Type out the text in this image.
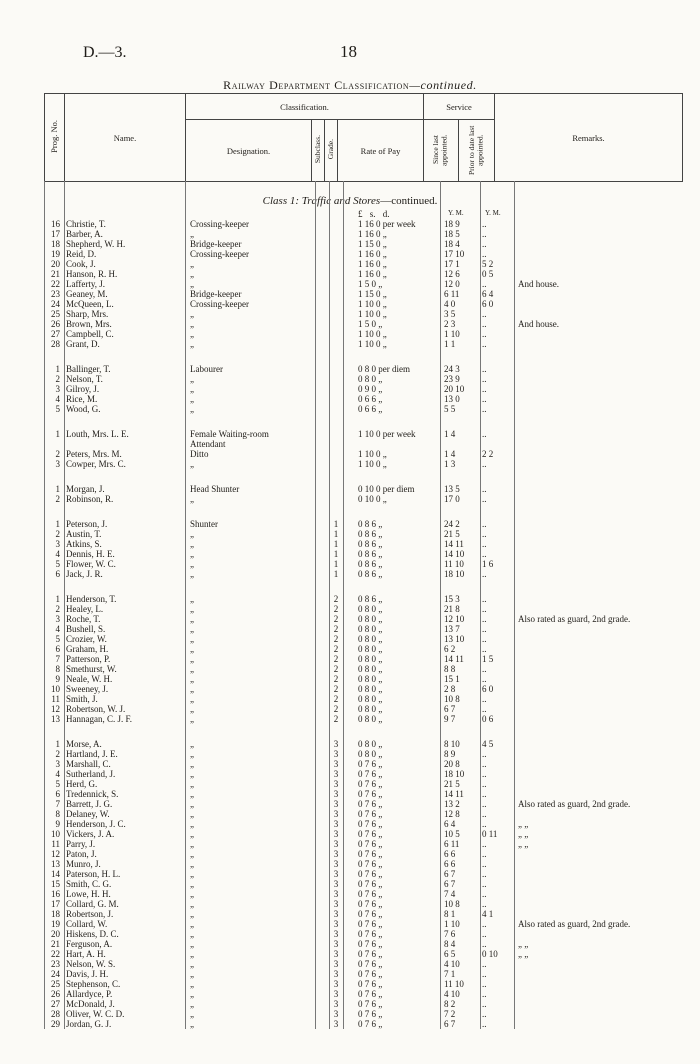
D.—3.	18
Railway Department Classification—continued.
Prog. No.	Name.	Classification.				Service		Remarks.
		Designation.	Subclass.	Grade.	Rate of Pay	Since last appointed.	Prior to date last appointed.	
Class 1: Traffic and Stores—continued.
£ s. d.	Y. M.	Y. M.
16 Christie, T.	Crossing-keeper	1 16 0 per week	18 9	..
17 Barber, A.	„	1 16 0 „	18 5	..
18 Shepherd, W. H.	Bridge-keeper	1 15 0 „	18 4	..
19 Reid, D.	Crossing-keeper	1 16 0 „	17 10	..
20 Cook, J.	„	1 16 0 „	17 1	5 2
21 Hanson, R. H.	„	1 16 0 „	12 6	0 5
22 Lafferty, J.	„	1 5 0 „	12 0	..	And house.
23 Geaney, M.	Bridge-keeper	1 15 0 „	6 11	6 4
24 McQueen, L.	Crossing-keeper	1 10 0 „	4 0	6 0
25 Sharp, Mrs.	„	1 10 0 „	3 5	..
26 Brown, Mrs.	„	1 5 0 „	2 3	..	And house.
27 Campbell, C.	„	1 10 0 „	1 10	..
28 Grant, D.	„	1 10 0 „	1 1	..
1 Ballinger, T.	Labourer	0 8 0 per diem	24 3	..
2 Nelson, T.	„	0 8 0 „	23 9	..
3 Gilroy, J.	„	0 9 0 „	20 10	..
4 Rice, M.	„	0 6 6 „	13 0	..
5 Wood, G.	„	0 6 6 „	5 5	..
1 Louth, Mrs. L. E.	Female Waiting-room	1 10 0 per week	1 4	..
Attendant
2 Peters, Mrs. M.	Ditto	1 10 0 „	1 4	2 2
3 Cowper, Mrs. C.	„	1 10 0 „	1 3	..
1 Morgan, J.	Head Shunter	0 10 0 per diem	13 5	..
2 Robinson, R.	„	0 10 0 „	17 0	..
1 Peterson, J.	Shunter	1	0 8 6 „	24 2	..
2 Austin, T.	„	1	0 8 6 „	21 5	..
3 Atkins, S.	„	1	0 8 6 „	14 11	..
4 Dennis, H. E.	„	1	0 8 6 „	14 10	..
5 Flower, W. C.	„	1	0 8 6 „	11 10	1 6
6 Jack, J. R.	„	1	0 8 6 „	18 10	..
1 Henderson, T.	„	2	0 8 6 „	15 3	..
2 Healey, L.	„	2	0 8 0 „	21 8	..
3 Roche, T.	„	2	0 8 0 „	12 10	..	Also rated as guard, 2nd grade.
4 Bushell, S.	„	2	0 8 0 „	13 7	..
5 Crozier, W.	„	2	0 8 0 „	13 10	..
6 Graham, H.	„	2	0 8 0 „	6 2	..
7 Patterson, P.	„	2	0 8 0 „	14 11	1 5
8 Smethurst, W.	„	2	0 8 0 „	8 8	..
9 Neale, W. H.	„	2	0 8 0 „	15 1	..
10 Sweeney, J.	„	2	0 8 0 „	2 8	6 0
11 Smith, J.	„	2	0 8 0 „	10 8	..
12 Robertson, W. J.	„	2	0 8 0 „	6 7	..
13 Hannagan, C. J. F.	„	2	0 8 0 „	9 7	0 6
1 Morse, A.	„	3	0 8 0 „	8 10	4 5
2 Hartland, J. E.	„	3	0 8 0 „	8 9	..
3 Marshall, C.	„	3	0 7 6 „	20 8	..
4 Sutherland, J.	„	3	0 7 6 „	18 10	..
5 Herd, G.	„	3	0 7 6 „	21 5	..
6 Tredennick, S.	„	3	0 7 6 „	14 11	..
7 Barrett, J. G.	„	3	0 7 6 „	13 2	..	Also rated as guard, 2nd grade.
8 Delaney, W.	„	3	0 7 6 „	12 8	..
9 Henderson, J. C.	„	3	0 7 6 „	6 4	..	„ „
10 Vickers, J. A.	„	3	0 7 6 „	10 5	0 11	„ „
11 Parry, J.	„	3	0 7 6 „	6 11	..	„ „
12 Paton, J.	„	3	0 7 6 „	6 6	..
13 Munro, J.	„	3	0 7 6 „	6 6	..
14 Paterson, H. L.	„	3	0 7 6 „	6 7	..
15 Smith, C. G.	„	3	0 7 6 „	6 7	..
16 Lowe, H. H.	„	3	0 7 6 „	7 4	..
17 Collard, G. M.	„	3	0 7 6 „	10 8	..
18 Robertson, J.	„	3	0 7 6 „	8 1	4 1
19 Collard, W.	„	3	0 7 6 „	1 10	..	Also rated as guard, 2nd grade.
20 Hiskens, D. C.	„	3	0 7 6 „	7 6	..
21 Ferguson, A.	„	3	0 7 6 „	8 4	..	„ „
22 Hart, A. H.	„	3	0 7 6 „	6 5	0 10	„ „
23 Nelson, W. S.	„	3	0 7 6 „	4 10	..
24 Davis, J. H.	„	3	0 7 6 „	7 1	..
25 Stephenson, C.	„	3	0 7 6 „	11 10	..
26 Allardyce, P.	„	3	0 7 6 „	4 10	..
27 McDonald, J.	„	3	0 7 6 „	8 2	..
28 Oliver, W. C. D.	„	3	0 7 6 „	7 2	..
29 Jordan, G. J.	„	3	0 7 6 „	6 7	..
